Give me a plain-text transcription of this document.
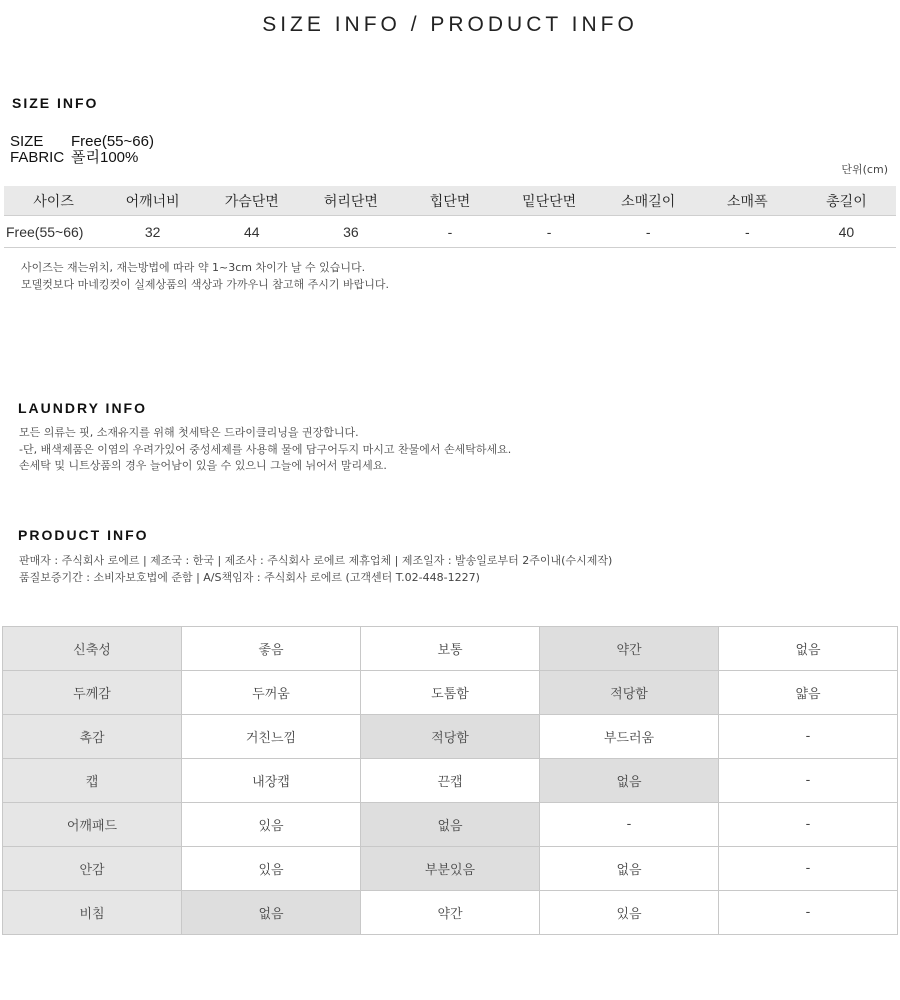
SIZE INFO / PRODUCT INFO
SIZE INFO
SIZE Free(55~66)
FABRIC 폴리100%
단위(cm)
사이즈	어깨너비	가슴단면	허리단면	힙단면	밑단단면	소매길이	소매폭	총길이
Free(55~66)	32	44	36	-	-	-	-	40
사이즈는 재는위치, 재는방법에 따라 약 1~3cm 차이가 날 수 있습니다.
모델컷보다 마네킹컷이 실제상품의 색상과 가까우니 참고해 주시기 바랍니다.
LAUNDRY INFO
모든 의류는 핏, 소재유지를 위해 첫세탁은 드라이클리닝을 권장합니다.
-단, 배색제품은 이염의 우려가있어 중성세제를 사용해 물에 담구어두지 마시고 찬물에서 손세탁하세요.
손세탁 및 니트상품의 경우 늘어남이 있을 수 있으니 그늘에 뉘어서 말리세요.
PRODUCT INFO
판매자 : 주식회사 로에르 | 제조국 : 한국 | 제조사 : 주식회사 로에르 제휴업체 | 제조일자 : 발송일로부터 2주이내(수시제작)
품질보증기간 : 소비자보호법에 준함 | A/S책임자 : 주식회사 로에르 (고객센터 T.02-448-1227)
신축성	좋음	보통	약간	없음
두께감	두꺼움	도톰함	적당함	얇음
촉감	거친느낌	적당함	부드러움	-
캡	내장캡	끈캡	없음	-
어깨패드	있음	없음	-	-
안감	있음	부분있음	없음	-
비침	없음	약간	있음	-
